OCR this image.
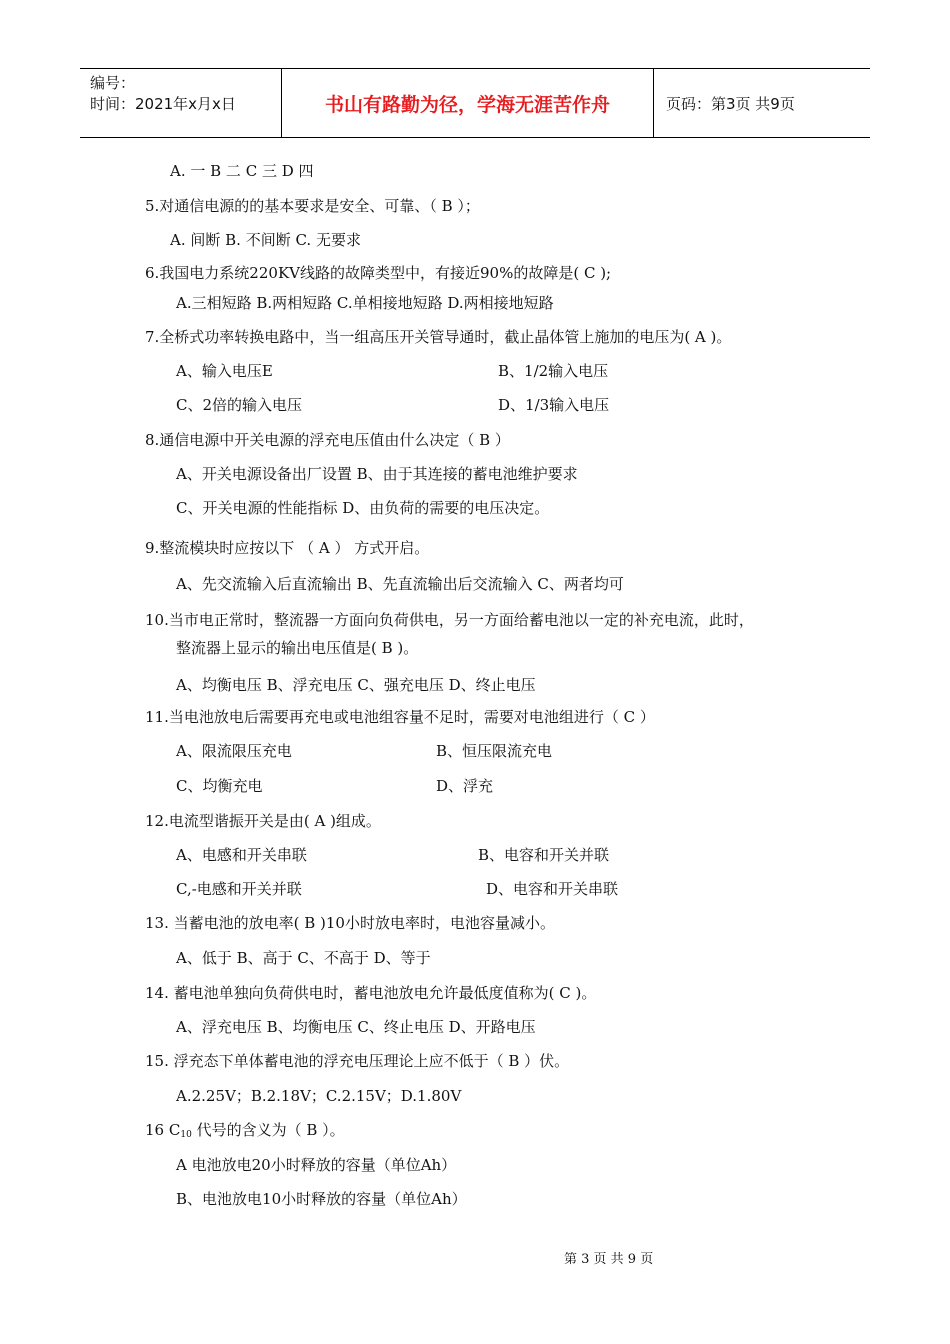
编号：
时间：2021年x月x日	书山有路勤为径，学海无涯苦作舟	页码：第3页 共9页
A. 一 B 二 C 三 D 四
5.对通信电源的的基本要求是安全、可靠、（ B ）；
A. 间断 B. 不间断 C. 无要求
6.我国电力系统220KV线路的故障类型中，有接近90%的故障是( C );
A.三相短路 B.两相短路 C.单相接地短路 D.两相接地短路
7.全桥式功率转换电路中，当一组高压开关管导通时，截止晶体管上施加的电压为( A )。
A、输入电压E	B、1/2输入电压
C、2倍的输入电压	D、1/3输入电压
8.通信电源中开关电源的浮充电压值由什么决定（ B ）
A、开关电源设备出厂设置 B、由于其连接的蓄电池维护要求
C、开关电源的性能指标 D、由负荷的需要的电压决定。
9.整流模块时应按以下 （ A ） 方式开启。
A、先交流输入后直流输出 B、先直流输出后交流输入 C、两者均可
10.当市电正常时，整流器一方面向负荷供电，另一方面给蓄电池以一定的补充电流，此时，
整流器上显示的输出电压值是( B )。
A、均衡电压 B、浮充电压 C、强充电压 D、终止电压
11.当电池放电后需要再充电或电池组容量不足时，需要对电池组进行（ C ）
A、限流限压充电	B、恒压限流充电
C、均衡充电	D、浮充
12.电流型谐振开关是由( A )组成。
A、电感和开关串联	B、电容和开关并联
C,-电感和开关并联	D、电容和开关串联
13. 当蓄电池的放电率( B )10小时放电率时，电池容量减小。
A、低于 B、高于 C、不高于 D、等于
14. 蓄电池单独向负荷供电时，蓄电池放电允许最低度值称为( C )。
A、浮充电压 B、均衡电压 C、终止电压 D、开路电压
15. 浮充态下单体蓄电池的浮充电压理论上应不低于（ B ）伏。
A.2.25V；B.2.18V；C.2.15V；D.1.80V
16 $C_{10}$ 代号的含义为（ B ）。
A 电池放电20小时释放的容量（单位Ah）
B、电池放电10小时释放的容量（单位Ah）
第 3 页 共 9 页
